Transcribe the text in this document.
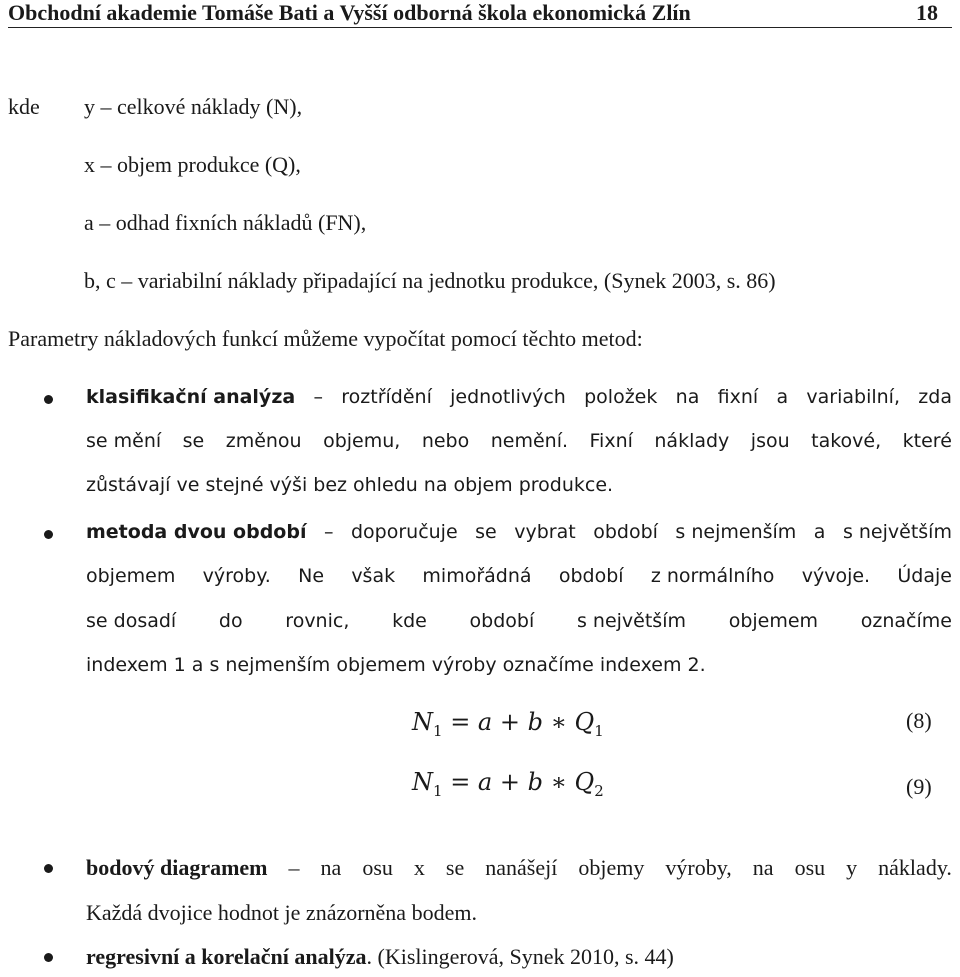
Obchodní akademie Tomáše Bati a Vyšší odborná škola ekonomická Zlín	18
kde y – celkové náklady (N),
x – objem produkce (Q),
a – odhad fixních nákladů (FN),
b, c – variabilní náklady připadající na jednotku produkce, (Synek 2003, s. 86)
Parametry nákladových funkcí můžeme vypočítat pomocí těchto metod:
klasifikační analýza – roztřídění jednotlivých položek na fixní a variabilní, zda
se mění se změnou objemu, nebo nemění. Fixní náklady jsou takové, které
zůstávají ve stejné výši bez ohledu na objem produkce.
metoda dvou období – doporučuje se vybrat období s nejmenším a s největším
objemem výroby. Ne však mimořádná období z normálního vývoje. Údaje
se dosadí do rovnic, kde období s největším objemem označíme
indexem 1 a s nejmenším objemem výroby označíme indexem 2.
$N_1 = a + b$ ∗ $Q_1$	(8)
$N_1 = a + b$ ∗ $Q_2$	(9)
bodový diagramem – na osu x se nanášejí objemy výroby, na osu y náklady.
Každá dvojice hodnot je znázorněna bodem.
regresivní a korelační analýza. (Kislingerová, Synek 2010, s. 44)
